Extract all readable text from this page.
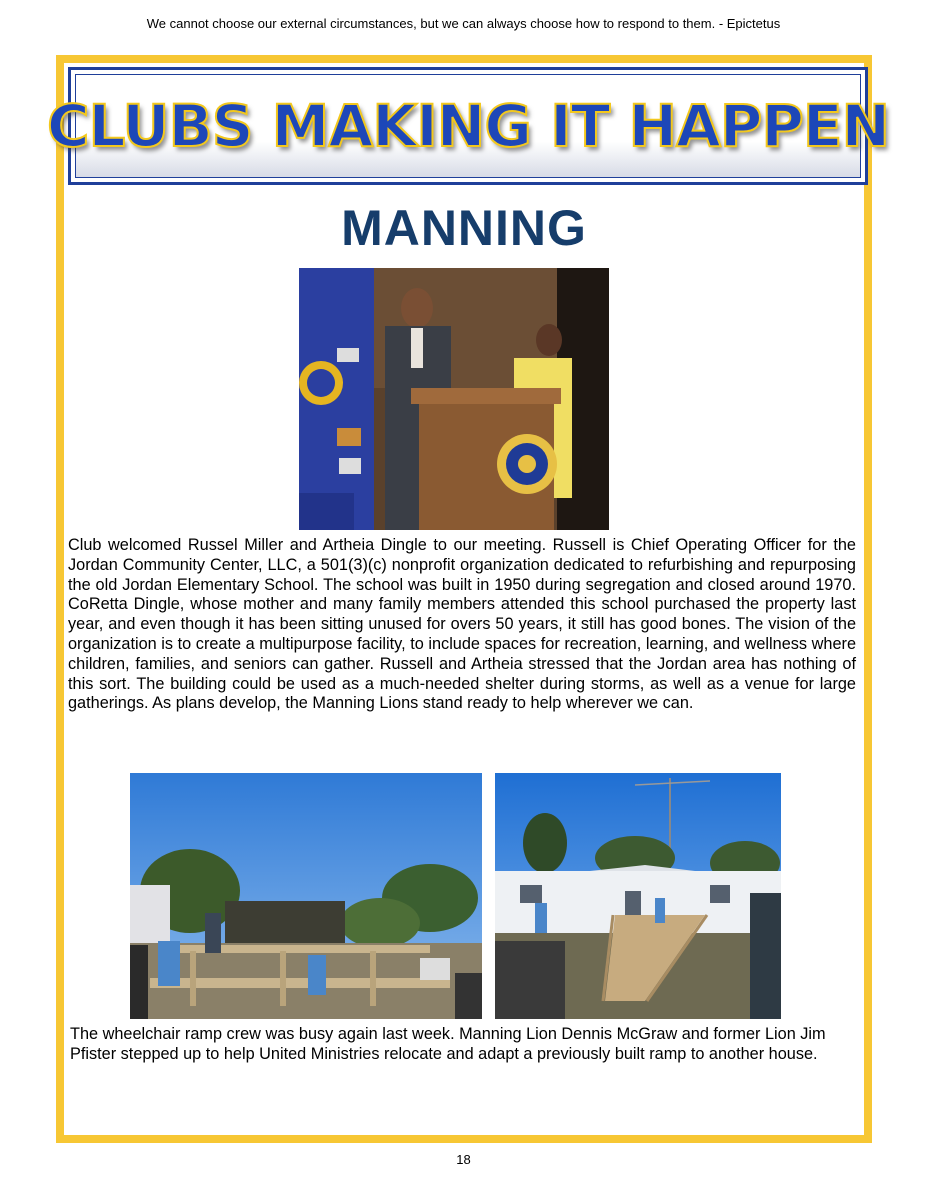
We cannot choose our external circumstances, but we can always choose how to respond to them. - Epictetus
CLUBS MAKING IT HAPPEN
MANNING

Club welcomed Russel Miller and Artheia Dingle to our meeting. Russell is Chief Operating Officer for the Jordan Community Center, LLC, a 501(3)(c) nonprofit organization dedicated to refurbishing and repurposing the old Jordan Elementary School. The school was built in 1950 during segregation and closed around 1970. CoRetta Dingle, whose mother and many family members attended this school purchased the property last year, and even though it has been sitting unused for overs 50 years, it still has good bones. The vision of the organization is to create a multipurpose facility, to include spaces for recreation, learning, and wellness where children, families, and seniors can gather. Russell and Artheia stressed that the Jordan area has nothing of this sort. The building could be used as a much-needed shelter during storms, as well as a venue for large gatherings. As plans develop, the Manning Lions stand ready to help wherever we can.

The wheelchair ramp crew was busy again last week. Manning Lion Dennis McGraw and former Lion Jim Pfister stepped up to help United Ministries relocate and adapt a previously built ramp to another house.

18
